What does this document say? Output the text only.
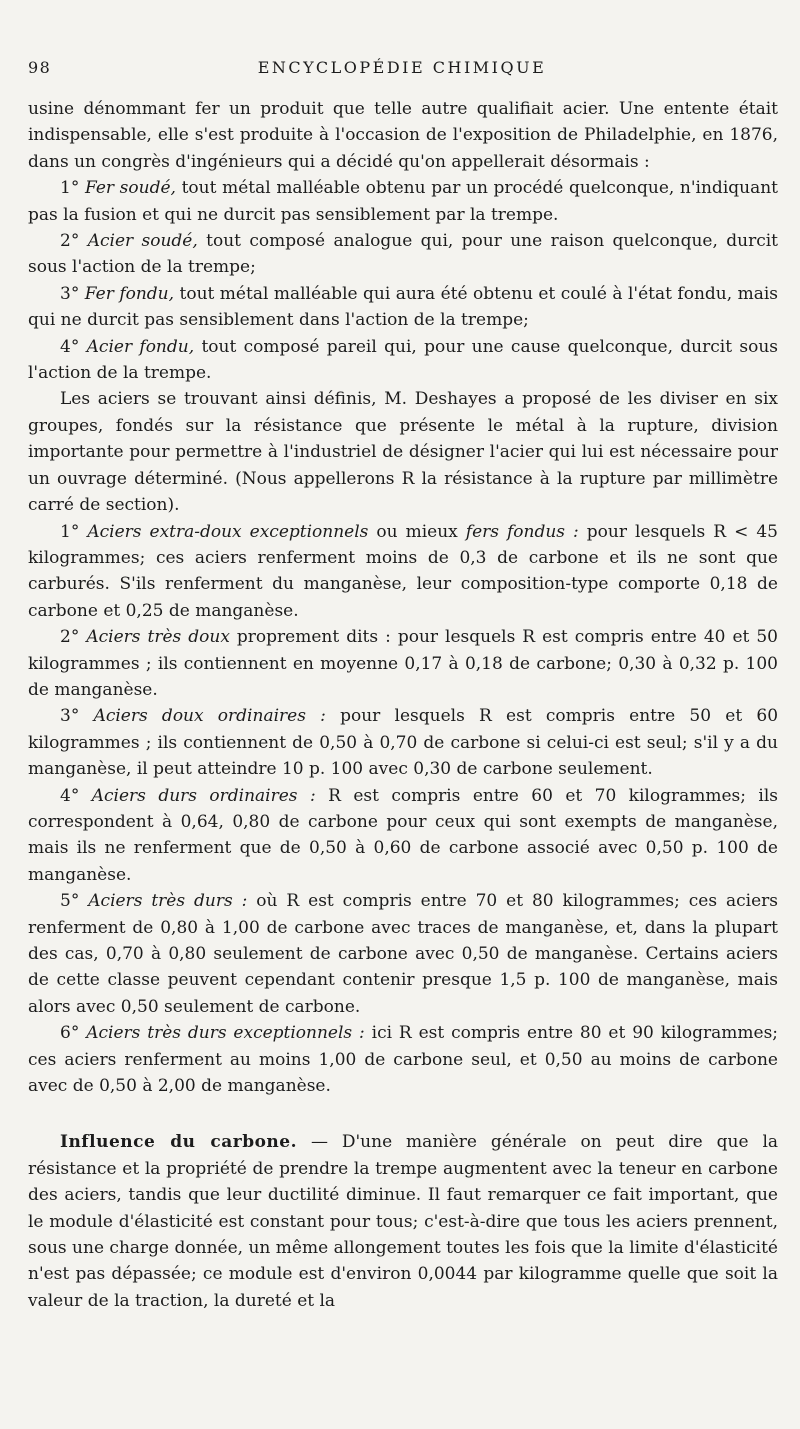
98	ENCYCLOPÉDIE CHIMIQUE

usine dénommant fer un produit que telle autre qualifiait acier. Une entente était indispensable, elle s'est produite à l'occasion de l'exposition de Philadelphie, en 1876, dans un congrès d'ingénieurs qui a décidé qu'on appellerait désormais :

1° Fer soudé, tout métal malléable obtenu par un procédé quelconque, n'indiquant pas la fusion et qui ne durcit pas sensiblement par la trempe.

2° Acier soudé, tout composé analogue qui, pour une raison quelconque, durcit sous l'action de la trempe;

3° Fer fondu, tout métal malléable qui aura été obtenu et coulé à l'état fondu, mais qui ne durcit pas sensiblement dans l'action de la trempe;

4° Acier fondu, tout composé pareil qui, pour une cause quelconque, durcit sous l'action de la trempe.

Les aciers se trouvant ainsi définis, M. Deshayes a proposé de les diviser en six groupes, fondés sur la résistance que présente le métal à la rupture, division importante pour permettre à l'industriel de désigner l'acier qui lui est nécessaire pour un ouvrage déterminé. (Nous appellerons R la résistance à la rupture par millimètre carré de section).

1° Aciers extra-doux exceptionnels ou mieux fers fondus : pour lesquels R < 45 kilogrammes; ces aciers renferment moins de 0,3 de carbone et ils ne sont que carburés. S'ils renferment du manganèse, leur composition-type comporte 0,18 de carbone et 0,25 de manganèse.

2° Aciers très doux proprement dits : pour lesquels R est compris entre 40 et 50 kilogrammes ; ils contiennent en moyenne 0,17 à 0,18 de carbone; 0,30 à 0,32 p. 100 de manganèse.

3° Aciers doux ordinaires : pour lesquels R est compris entre 50 et 60 kilogrammes ; ils contiennent de 0,50 à 0,70 de carbone si celui-ci est seul; s'il y a du manganèse, il peut atteindre 10 p. 100 avec 0,30 de carbone seulement.

4° Aciers durs ordinaires : R est compris entre 60 et 70 kilogrammes; ils correspondent à 0,64, 0,80 de carbone pour ceux qui sont exempts de manganèse, mais ils ne renferment que de 0,50 à 0,60 de carbone associé avec 0,50 p. 100 de manganèse.

5° Aciers très durs : où R est compris entre 70 et 80 kilogrammes; ces aciers renferment de 0,80 à 1,00 de carbone avec traces de manganèse, et, dans la plupart des cas, 0,70 à 0,80 seulement de carbone avec 0,50 de manganèse. Certains aciers de cette classe peuvent cependant contenir presque 1,5 p. 100 de manganèse, mais alors avec 0,50 seulement de carbone.

6° Aciers très durs exceptionnels : ici R est compris entre 80 et 90 kilogrammes; ces aciers renferment au moins 1,00 de carbone seul, et 0,50 au moins de carbone avec de 0,50 à 2,00 de manganèse.

Influence du carbone. — D'une manière générale on peut dire que la résistance et la propriété de prendre la trempe augmentent avec la teneur en carbone des aciers, tandis que leur ductilité diminue. Il faut remarquer ce fait important, que le module d'élasticité est constant pour tous; c'est-à-dire que tous les aciers prennent, sous une charge donnée, un même allongement toutes les fois que la limite d'élasticité n'est pas dépassée; ce module est d'environ 0,0044 par kilogramme quelle que soit la valeur de la traction, la dureté et la
